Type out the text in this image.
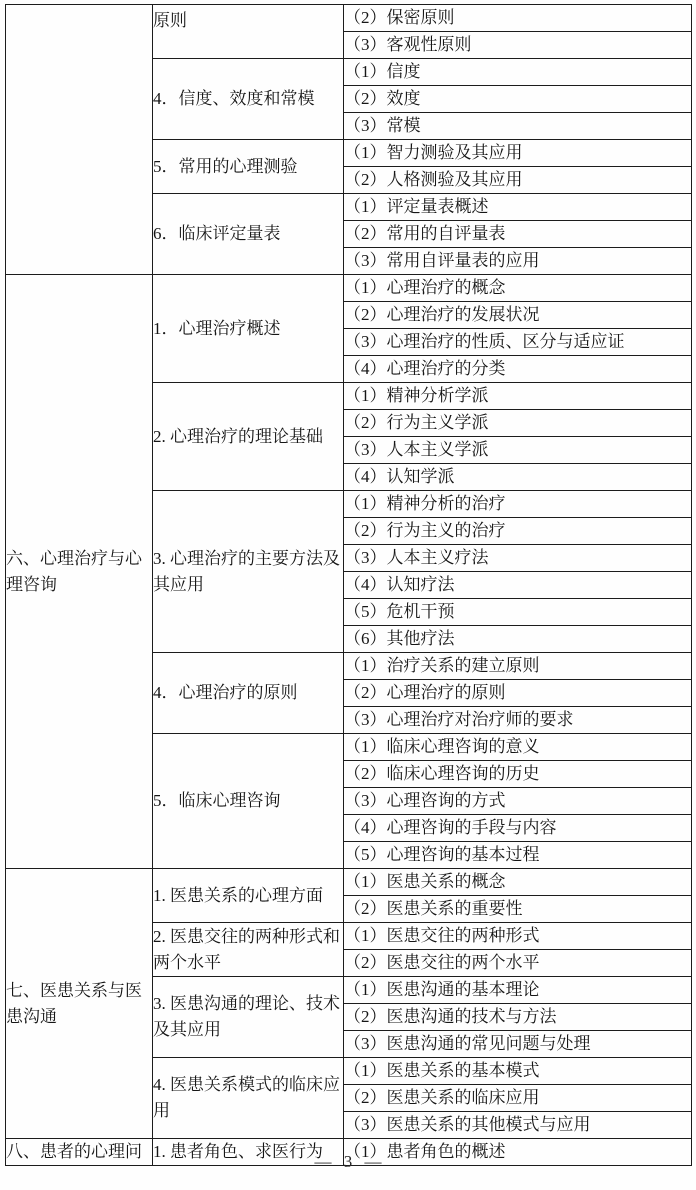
	原则	（2）保密原则
		（3）客观性原则
	4．信度、效度和常模	（1）信度
		（2）效度
		（3）常模
	5．常用的心理测验	（1）智力测验及其应用
		（2）人格测验及其应用
	6．临床评定量表	（1）评定量表概述
		（2）常用的自评量表
		（3）常用自评量表的应用
六、心理治疗与心理咨询	1．心理治疗概述	（1）心理治疗的概念
		（2）心理治疗的发展状况
		（3）心理治疗的性质、区分与适应证
		（4）心理治疗的分类
	2. 心理治疗的理论基础	（1）精神分析学派
		（2）行为主义学派
		（3）人本主义学派
		（4）认知学派
	3. 心理治疗的主要方法及其应用	（1）精神分析的治疗
		（2）行为主义的治疗
		（3）人本主义疗法
		（4）认知疗法
		（5）危机干预
		（6）其他疗法
	4．心理治疗的原则	（1）治疗关系的建立原则
		（2）心理治疗的原则
		（3）心理治疗对治疗师的要求
	5．临床心理咨询	（1）临床心理咨询的意义
		（2）临床心理咨询的历史
		（3）心理咨询的方式
		（4）心理咨询的手段与内容
		（5）心理咨询的基本过程
七、医患关系与医患沟通	1. 医患关系的心理方面	（1）医患关系的概念
		（2）医患关系的重要性
	2. 医患交往的两种形式和两个水平	（1）医患交往的两种形式
		（2）医患交往的两个水平
	3. 医患沟通的理论、技术及其应用	（1）医患沟通的基本理论
		（2）医患沟通的技术与方法
		（3）医患沟通的常见问题与处理
	4. 医患关系模式的临床应用	（1）医患关系的基本模式
		（2）医患关系的临床应用
		（3）医患关系的其他模式与应用
八、患者的心理问	1. 患者角色、求医行为	（1）患者角色的概述
— 3 —
